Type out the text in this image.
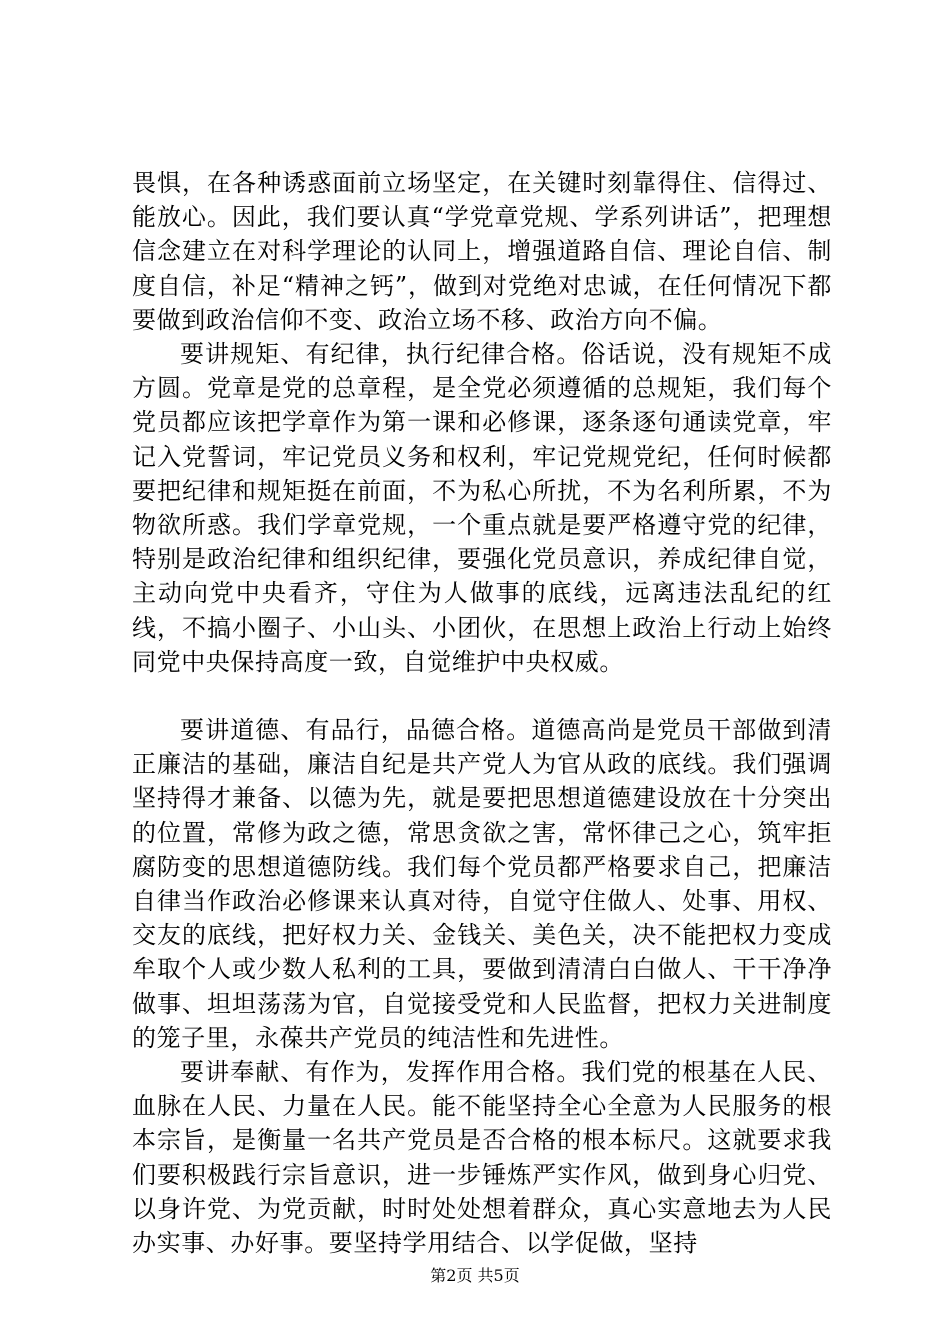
畏惧，在各种诱惑面前立场坚定，在关键时刻靠得住、信得过、能放心。因此，我们要认真“学党章党规、学系列讲话”，把理想信念建立在对科学理论的认同上，增强道路自信、理论自信、制度自信，补足“精神之钙”，做到对党绝对忠诚，在任何情况下都要做到政治信仰不变、政治立场不移、政治方向不偏。

要讲规矩、有纪律，执行纪律合格。俗话说，没有规矩不成方圆。党章是党的总章程，是全党必须遵循的总规矩，我们每个党员都应该把学章作为第一课和必修课，逐条逐句通读党章，牢记入党誓词，牢记党员义务和权利，牢记党规党纪，任何时候都要把纪律和规矩挺在前面，不为私心所扰，不为名利所累，不为物欲所惑。我们学章党规，一个重点就是要严格遵守党的纪律，特别是政治纪律和组织纪律，要强化党员意识，养成纪律自觉，主动向党中央看齐，守住为人做事的底线，远离违法乱纪的红线，不搞小圈子、小山头、小团伙，在思想上政治上行动上始终同党中央保持高度一致，自觉维护中央权威。

要讲道德、有品行，品德合格。道德高尚是党员干部做到清正廉洁的基础，廉洁自纪是共产党人为官从政的底线。我们强调坚持得才兼备、以德为先，就是要把思想道德建设放在十分突出的位置，常修为政之德，常思贪欲之害，常怀律己之心，筑牢拒腐防变的思想道德防线。我们每个党员都严格要求自己，把廉洁自律当作政治必修课来认真对待，自觉守住做人、处事、用权、交友的底线，把好权力关、金钱关、美色关，决不能把权力变成牟取个人或少数人私利的工具，要做到清清白白做人、干干净净做事、坦坦荡荡为官，自觉接受党和人民监督，把权力关进制度的笼子里，永葆共产党员的纯洁性和先进性。

要讲奉献、有作为，发挥作用合格。我们党的根基在人民、血脉在人民、力量在人民。能不能坚持全心全意为人民服务的根本宗旨，是衡量一名共产党员是否合格的根本标尺。这就要求我们要积极践行宗旨意识，进一步锤炼严实作风，做到身心归党、以身许党、为党贡献，时时处处想着群众，真心实意地去为人民办实事、办好事。要坚持学用结合、以学促做，坚持

第2页 共5页
